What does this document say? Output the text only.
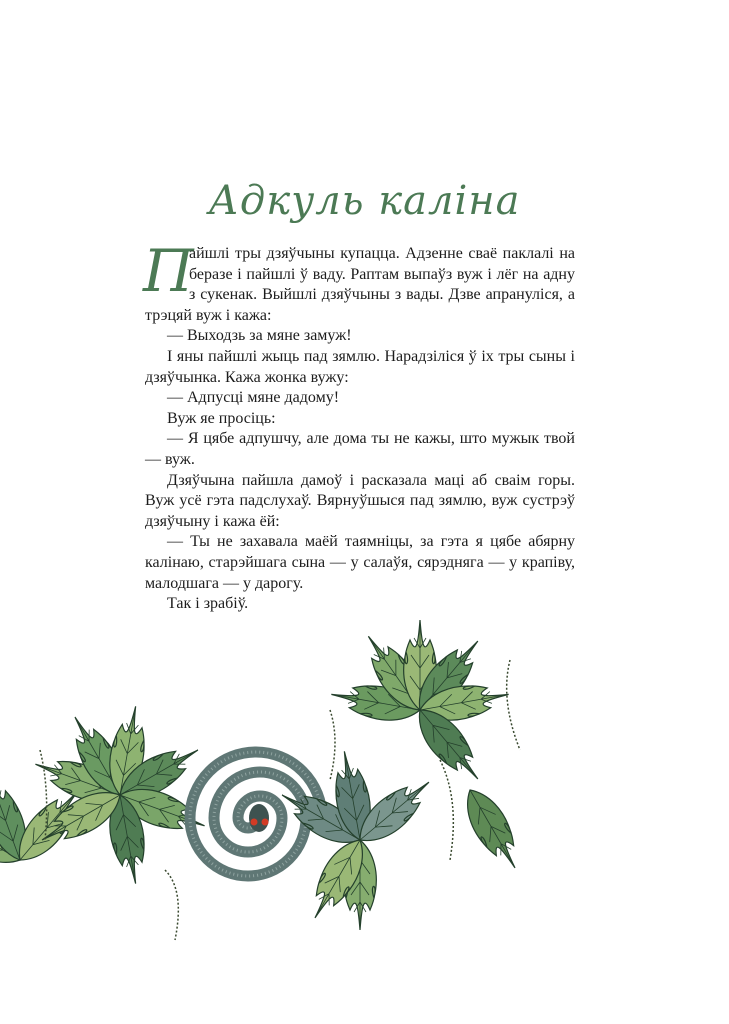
Адкуль каліна
П

айшлі тры дзяўчыны купацца. Адзенне сваё паклалі на беразе і пайшлі ў ваду. Раптам выпаўз вуж і лёг на адну з сукенак. Выйшлі дзяўчыны з вады. Дзве апрануліся, а трэцяй вуж і кажа:

— Выходзь за мяне замуж!

І яны пайшлі жыць пад зямлю. Нарадзіліся ў іх тры сыны і дзяўчынка. Кажа жонка вужу:

— Адпусці мяне дадому!

Вуж яе просіць:

— Я цябе адпушчу, але дома ты не кажы, што мужык твой — вуж.

Дзяўчына пайшла дамоў і расказала маці аб сваім горы. Вуж усё гэта падслухаў. Вярнуўшыся пад зямлю, вуж сустрэў дзяўчыну і кажа ёй:

— Ты не захавала маёй таямніцы, за гэта я цябе абярну калінаю, старэйшага сына — у салаўя, сярэдняга — у крапіву, малодшага — у дарогу.

Так і зрабіў.
